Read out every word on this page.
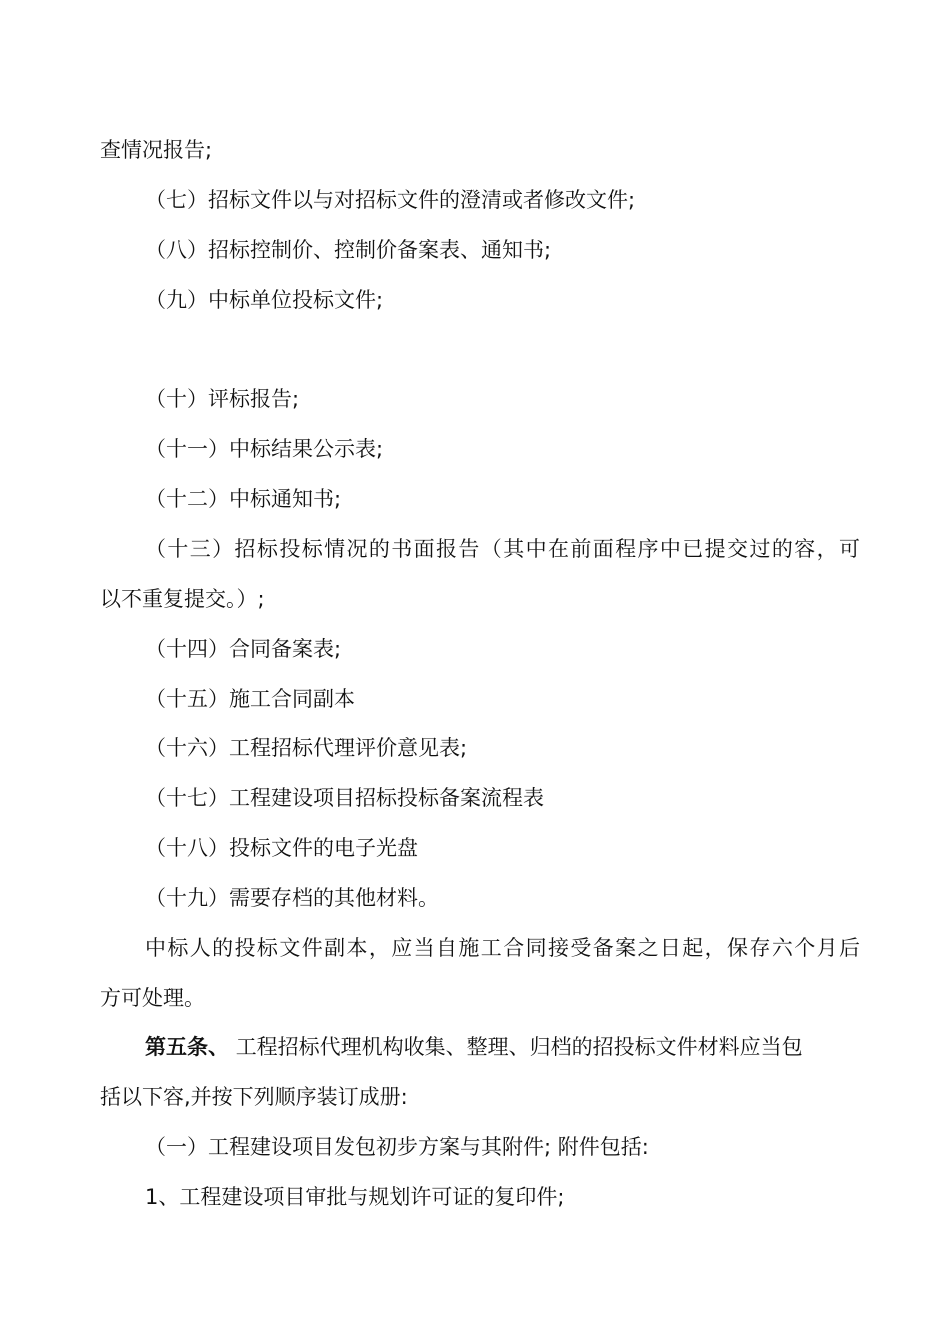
查情况报告;
（七）招标文件以与对招标文件的澄清或者修改文件;
（八）招标控制价、控制价备案表、通知书;
（九）中标单位投标文件;
（十）评标报告;
（十一）中标结果公示表;
（十二）中标通知书;
（十三）招标投标情况的书面报告（其中在前面程序中已提交过的容，可
以不重复提交。）;
（十四）合同备案表;
（十五）施工合同副本
（十六）工程招标代理评价意见表;
（十七）工程建设项目招标投标备案流程表
（十八）投标文件的电子光盘
（十九）需要存档的其他材料。
中标人的投标文件副本，应当自施工合同接受备案之日起，保存六个月后
方可处理。
第五条、 工程招标代理机构收集、整理、归档的招投标文件材料应当包
括以下容,并按下列顺序装订成册:
（一）工程建设项目发包初步方案与其附件; 附件包括:
1、工程建设项目审批与规划许可证的复印件;
